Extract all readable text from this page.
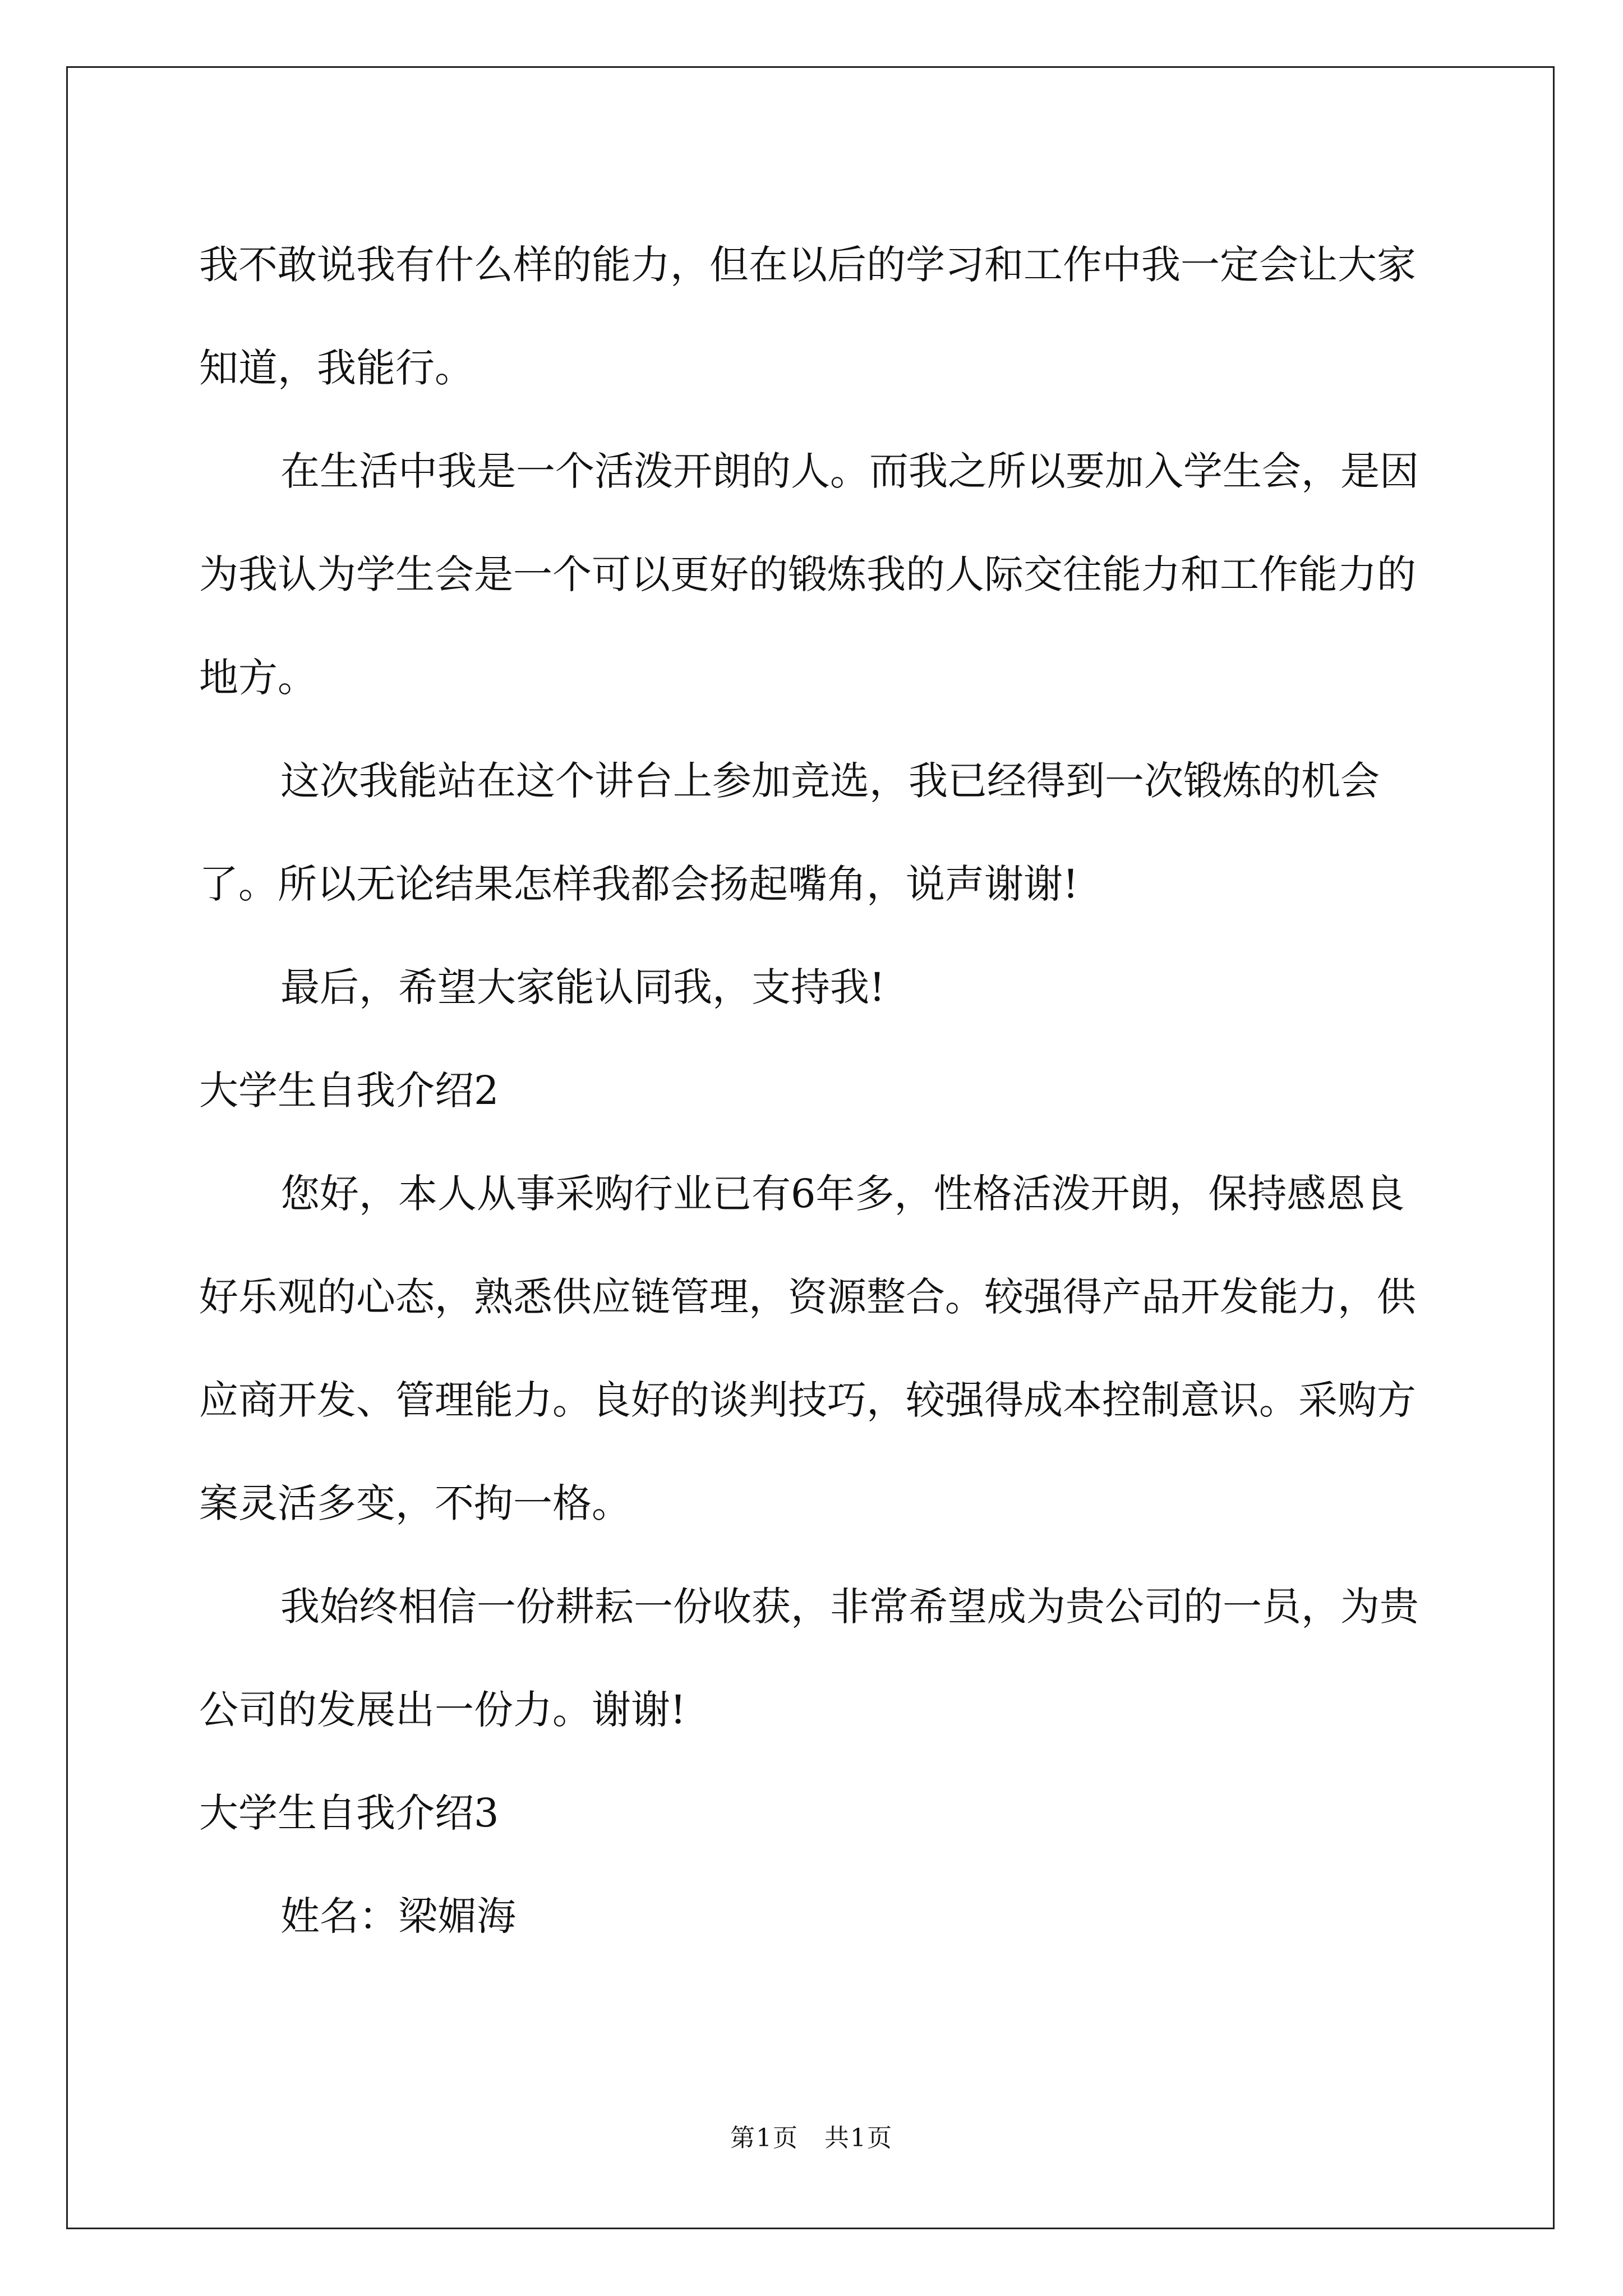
我不敢说我有什么样的能力，但在以后的学习和工作中我一定会让大家知道，我能行。

在生活中我是一个活泼开朗的人。而我之所以要加入学生会，是因为我认为学生会是一个可以更好的锻炼我的人际交往能力和工作能力的地方。

这次我能站在这个讲台上参加竞选，我已经得到一次锻炼的机会了。所以无论结果怎样我都会扬起嘴角，说声谢谢!

最后，希望大家能认同我，支持我!

大学生自我介绍2

您好，本人从事采购行业已有6年多，性格活泼开朗，保持感恩良好乐观的心态，熟悉供应链管理，资源整合。较强得产品开发能力，供应商开发、管理能力。良好的谈判技巧，较强得成本控制意识。采购方案灵活多变，不拘一格。

我始终相信一份耕耘一份收获，非常希望成为贵公司的一员，为贵公司的发展出一份力。谢谢!

大学生自我介绍3

姓名：梁媚海

第1页　共1页
